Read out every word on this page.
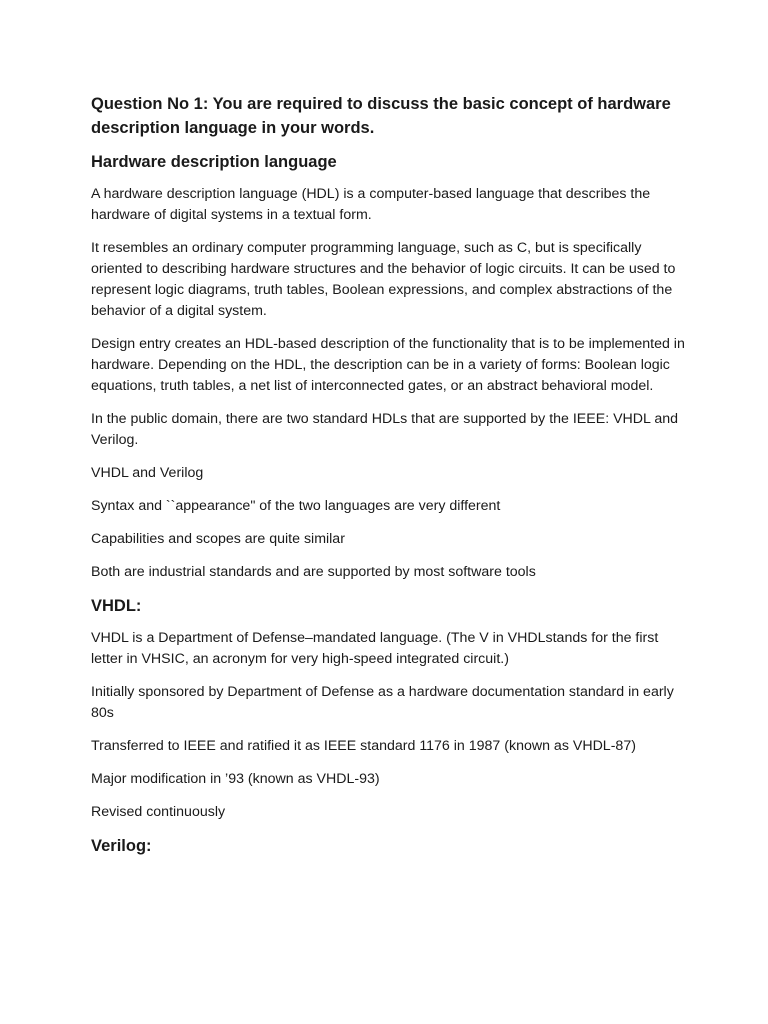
Question No 1: You are required to discuss the basic concept of hardware description language in your words.
Hardware description language
A hardware description language (HDL) is a computer-based language that describes the hardware of digital systems in a textual form.
It resembles an ordinary computer programming language, such as C, but is specifically oriented to describing hardware structures and the behavior of logic circuits. It can be used to represent logic diagrams, truth tables, Boolean expressions, and complex abstractions of the behavior of a digital system.
Design entry creates an HDL-based description of the functionality that is to be implemented in hardware. Depending on the HDL, the description can be in a variety of forms: Boolean logic equations, truth tables, a net list of interconnected gates, or an abstract behavioral model.
In the public domain, there are two standard HDLs that are supported by the IEEE: VHDL and Verilog.
VHDL and Verilog
Syntax and ``appearance" of the two languages are very different
Capabilities and scopes are quite similar
Both are industrial standards and are supported by most software tools
VHDL:
VHDL is a Department of Defense–mandated language. (The V in VHDLstands for the first letter in VHSIC, an acronym for very high-speed integrated circuit.)
Initially sponsored by Department of Defense as a hardware documentation standard in early 80s
Transferred to IEEE and ratified it as IEEE standard 1176 in 1987 (known as VHDL-87)
Major modification in ’93 (known as VHDL-93)
Revised continuously
Verilog:
